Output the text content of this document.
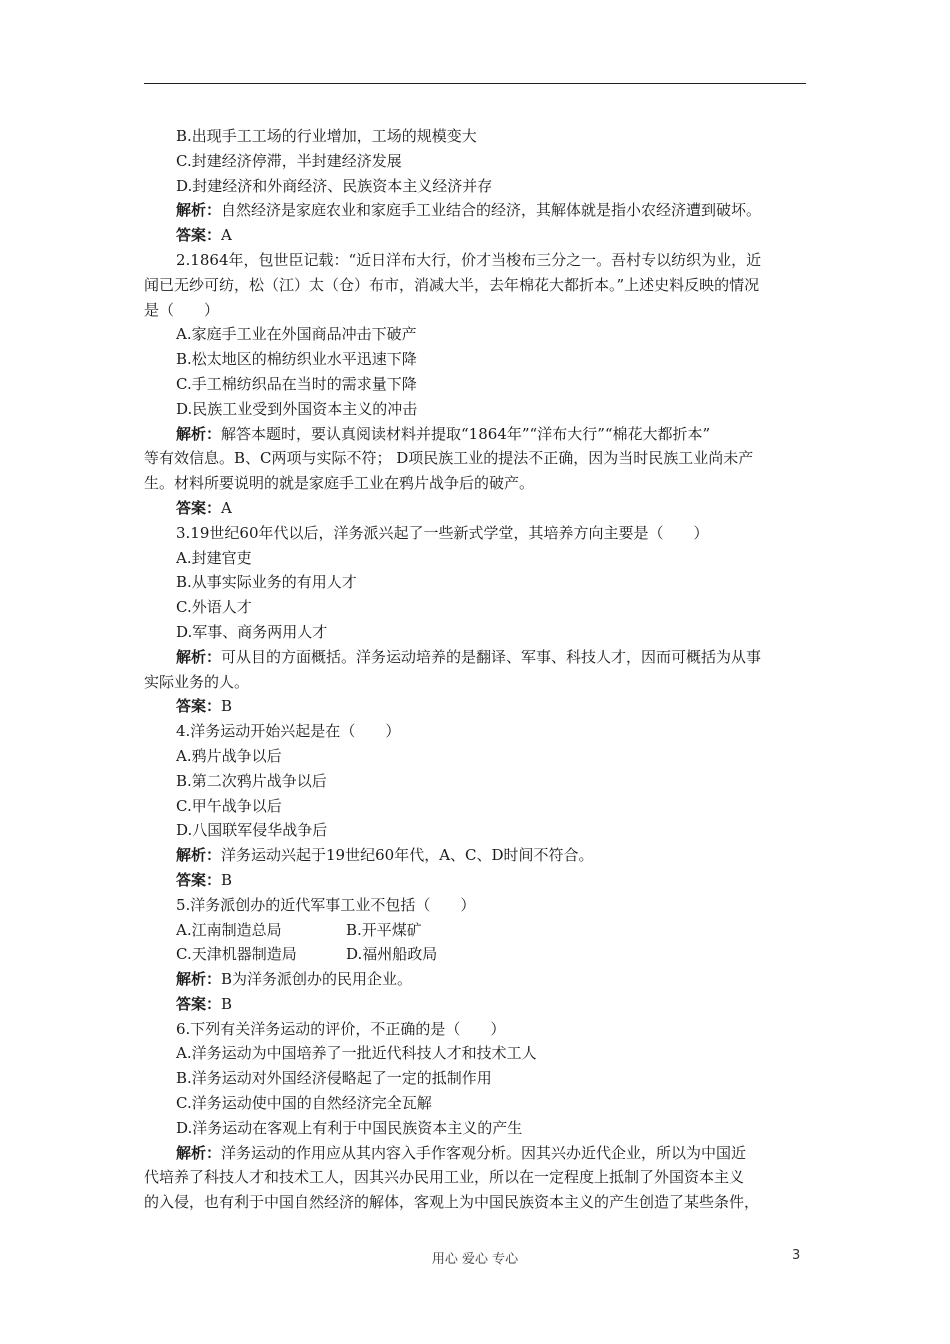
B.出现手工工场的行业增加，工场的规模变大
C.封建经济停滞，半封建经济发展
D.封建经济和外商经济、民族资本主义经济并存
解析：自然经济是家庭农业和家庭手工业结合的经济，其解体就是指小农经济遭到破坏。
答案：A
2.1864年，包世臣记载：“近日洋布大行，价才当梭布三分之一。吾村专以纺织为业，近
闻已无纱可纺，松（江）太（仓）布市，消减大半，去年棉花大都折本。”上述史料反映的情况
是（　　）
A.家庭手工业在外国商品冲击下破产
B.松太地区的棉纺织业水平迅速下降
C.手工棉纺织品在当时的需求量下降
D.民族工业受到外国资本主义的冲击
解析：解答本题时，要认真阅读材料并提取“1864年”“洋布大行”“棉花大都折本”
等有效信息。B、C两项与实际不符； D项民族工业的提法不正确，因为当时民族工业尚未产
生。材料所要说明的就是家庭手工业在鸦片战争后的破产。
答案：A
3.19世纪60年代以后，洋务派兴起了一些新式学堂，其培养方向主要是（　　）
A.封建官吏
B.从事实际业务的有用人才
C.外语人才
D.军事、商务两用人才
解析：可从目的方面概括。洋务运动培养的是翻译、军事、科技人才，因而可概括为从事
实际业务的人。
答案：B
4.洋务运动开始兴起是在（　　）
A.鸦片战争以后
B.第二次鸦片战争以后
C.甲午战争以后
D.八国联军侵华战争后
解析：洋务运动兴起于19世纪60年代，A、C、D时间不符合。
答案：B
5.洋务派创办的近代军事工业不包括（　　）
A.江南制造总局	B.开平煤矿
C.天津机器制造局	D.福州船政局
解析：B为洋务派创办的民用企业。
答案：B
6.下列有关洋务运动的评价，不正确的是（　　）
A.洋务运动为中国培养了一批近代科技人才和技术工人
B.洋务运动对外国经济侵略起了一定的抵制作用
C.洋务运动使中国的自然经济完全瓦解
D.洋务运动在客观上有利于中国民族资本主义的产生
解析：洋务运动的作用应从其内容入手作客观分析。因其兴办近代企业，所以为中国近
代培养了科技人才和技术工人，因其兴办民用工业，所以在一定程度上抵制了外国资本主义
的入侵，也有利于中国自然经济的解体，客观上为中国民族资本主义的产生创造了某些条件，
用心 爱心 专心	3
